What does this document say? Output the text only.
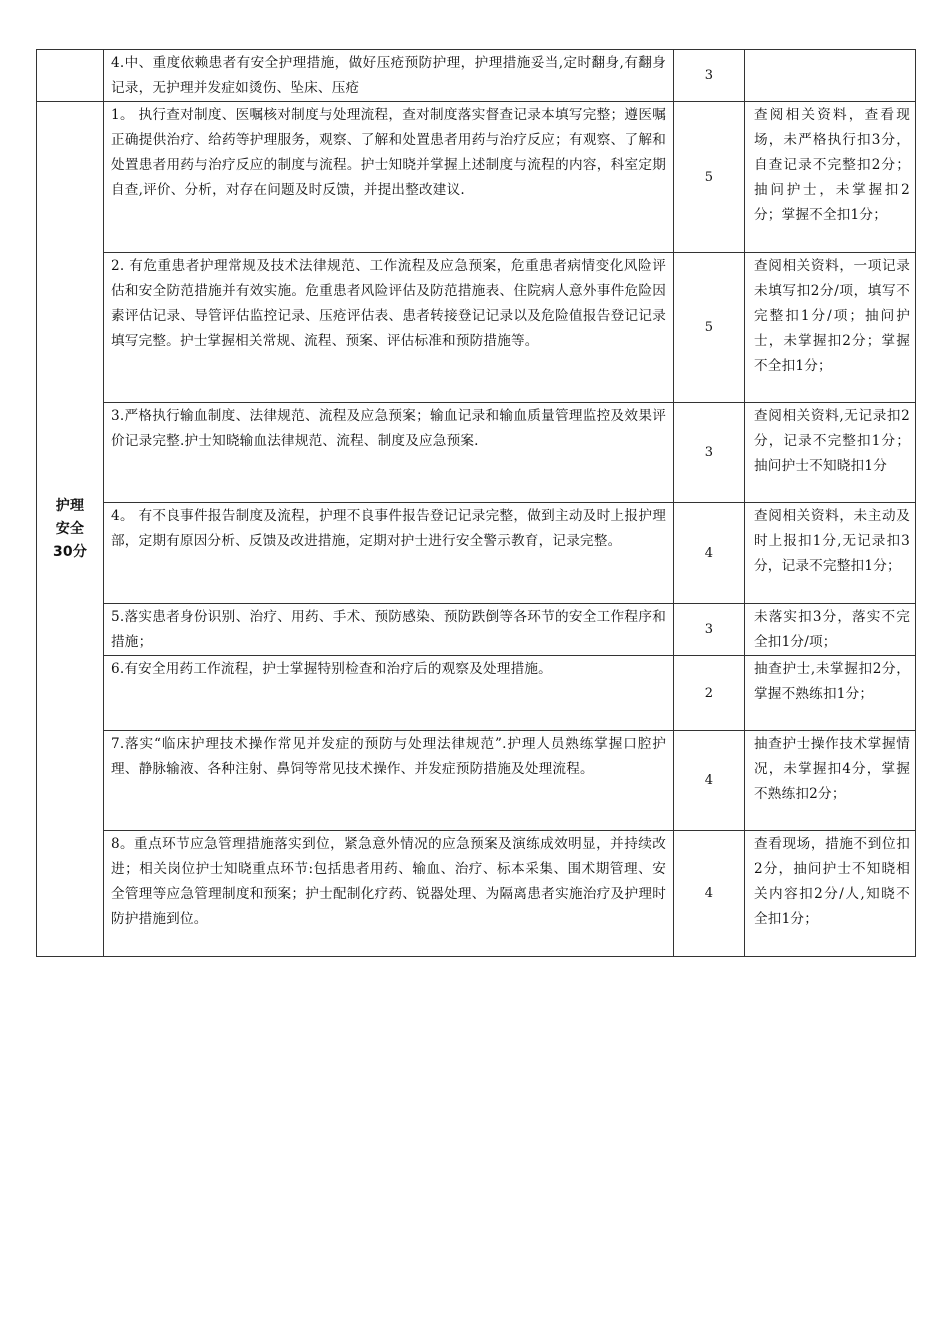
	4.中、重度依赖患者有安全护理措施，做好压疮预防护理，护理措施妥当,定时翻身,有翻身记录，无护理并发症如烫伤、坠床、压疮	3	

护理
安全
30分	1。 执行查对制度、医嘱核对制度与处理流程，查对制度落实督查记录本填写完整；遵医嘱正确提供治疗、给药等护理服务，观察、了解和处置患者用药与治疗反应；有观察、了解和处置患者用药与治疗反应的制度与流程。护士知晓并掌握上述制度与流程的内容，科室定期自查,评价、分析，对存在问题及时反馈，并提出整改建议.	5	查阅相关资料，查看现场，未严格执行扣3分，自查记录不完整扣2分；抽问护士，未掌握扣2分；掌握不全扣1分；
	2. 有危重患者护理常规及技术法律规范、工作流程及应急预案，危重患者病情变化风险评估和安全防范措施并有效实施。危重患者风险评估及防范措施表、住院病人意外事件危险因素评估记录、导管评估监控记录、压疮评估表、患者转接登记记录以及危险值报告登记记录填写完整。护士掌握相关常规、流程、预案、评估标准和预防措施等。	5	查阅相关资料，一项记录未填写扣2分/项，填写不完整扣1分/项；抽问护士，未掌握扣2分；掌握不全扣1分；
	3.严格执行输血制度、法律规范、流程及应急预案；输血记录和输血质量管理监控及效果评价记录完整.护士知晓输血法律规范、流程、制度及应急预案.	3	查阅相关资料,无记录扣2分，记录不完整扣1分；抽问护士不知晓扣1分
	4。 有不良事件报告制度及流程，护理不良事件报告登记记录完整，做到主动及时上报护理部，定期有原因分析、反馈及改进措施，定期对护士进行安全警示教育，记录完整。	4	查阅相关资料，未主动及时上报扣1分,无记录扣3分，记录不完整扣1分；
	5.落实患者身份识别、治疗、用药、手术、预防感染、预防跌倒等各环节的安全工作程序和措施；	3	未落实扣3分，落实不完全扣1分/项；
	6.有安全用药工作流程，护士掌握特别检查和治疗后的观察及处理措施。	2	抽查护士,未掌握扣2分，掌握不熟练扣1分；
	7.落实“临床护理技术操作常见并发症的预防与处理法律规范”.护理人员熟练掌握口腔护理、静脉输液、各种注射、鼻饲等常见技术操作、并发症预防措施及处理流程。	4	抽查护士操作技术掌握情况，未掌握扣4分，掌握不熟练扣2分；
	8。重点环节应急管理措施落实到位，紧急意外情况的应急预案及演练成效明显，并持续改进；相关岗位护士知晓重点环节:包括患者用药、输血、治疗、标本采集、围术期管理、安全管理等应急管理制度和预案；护士配制化疗药、锐器处理、为隔离患者实施治疗及护理时防护措施到位。	4	查看现场，措施不到位扣2分，抽问护士不知晓相关内容扣2分/人,知晓不全扣1分；
